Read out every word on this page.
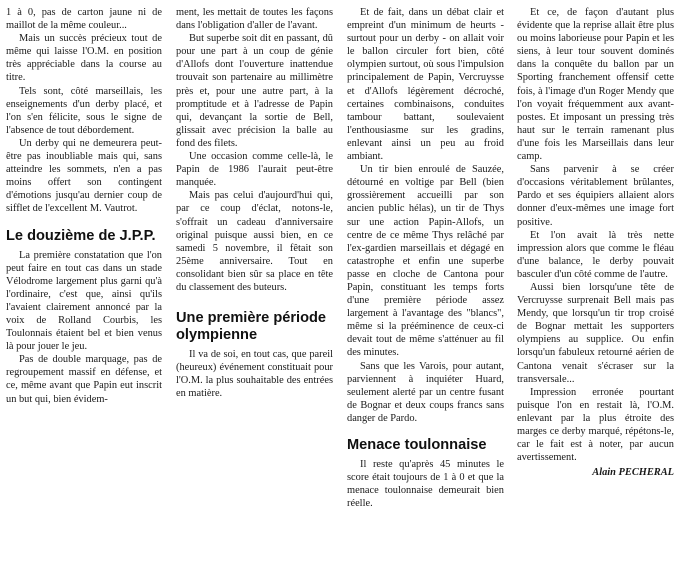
1 à 0, pas de carton jaune ni de maillot de la même couleur...

Mais un succès précieux tout de même qui laisse l'O.M. en position très appréciable dans la course au titre.

Tels sont, côté marseillais, les enseignements d'un derby placé, et l'on s'en félicite, sous le signe de l'absence de tout débordement.

Un derby qui ne demeurera peut-être pas inoubliable mais qui, sans atteindre les sommets, n'en a pas moins offert son contingent d'émotions jusqu'au dernier coup de sifflet de l'excellent M. Vautrot.

Le douzième de J.P.P.

La première constatation que l'on peut faire en tout cas dans un stade Vélodrome largement plus garni qu'à l'ordinaire, c'est que, ainsi qu'ils l'avaient clairement annoncé par la voix de Rolland Courbis, les Toulonnais étaient bel et bien venus là pour jouer le jeu.

Pas de double marquage, pas de regroupement massif en défense, et ce, même avant que Papin eut inscrit un but qui, bien évidem-

ment, les mettait de toutes les façons dans l'obligation d'aller de l'avant.

But superbe soit dit en passant, dû pour une part à un coup de génie d'Allofs dont l'ouverture inattendue trouvait son partenaire au millimètre près et, pour une autre part, à la promptitude et à l'adresse de Papin qui, devançant la sortie de Bell, glissait avec précision la balle au fond des filets.

Une occasion comme celle-là, le Papin de 1986 l'aurait peut-être manquée.

Mais pas celui d'aujourd'hui qui, par ce coup d'éclat, notons-le, s'offrait un cadeau d'anniversaire original puisque aussi bien, en ce samedi 5 novembre, il fêtait son 25ème anniversaire. Tout en consolidant bien sûr sa place en tête du classement des buteurs.

Une première période olympienne

Il va de soi, en tout cas, que pareil (heureux) événement constituait pour l'O.M. la plus souhaitable des entrées en matière.

Et de fait, dans un débat clair et empreint d'un minimum de heurts - surtout pour un derby - on allait voir le ballon circuler fort bien, côté olympien surtout, où sous l'impulsion principalement de Papin, Vercruysse et d'Allofs légèrement décroché, certaines combinaisons, conduites tambour battant, soulevaient l'enthousiasme sur les gradins, enlevant ainsi un peu au froid ambiant.

Un tir bien enroulé de Sauzée, détourné en voltige par Bell (bien grossièrement accueilli par son ancien public hélas), un tir de Thys sur une action Papin-Allofs, un centre de ce même Thys relâché par l'ex-gardien marseillais et dégagé en catastrophe et enfin une superbe passe en cloche de Cantona pour Papin, constituant les temps forts d'une première période assez largement à l'avantage des "blancs", même si la prééminence de ceux-ci devait tout de même s'atténuer au fil des minutes.

Sans que les Varois, pour autant, parviennent à inquiéter Huard, seulement alerté par un centre fusant de Bognar et deux coups francs sans danger de Pardo.

Menace toulonnaise

Il reste qu'après 45 minutes le score était toujours de 1 à 0 et que la menace toulonnaise demeurait bien réelle.

Et ce, de façon d'autant plus évidente que la reprise allait être plus ou moins laborieuse pour Papin et les siens, à leur tour souvent dominés dans la conquête du ballon par un Sporting franchement offensif cette fois, à l'image d'un Roger Mendy que l'on voyait fréquemment aux avant-postes. Et imposant un pressing très haut sur le terrain ramenant plus d'une fois les Marseillais dans leur camp.

Sans parvenir à se créer d'occasions véritablement brûlantes, Pardo et ses équipiers allaient alors donner d'eux-mêmes une image fort positive.

Et l'on avait là très nette impression alors que comme le fléau d'une balance, le derby pouvait basculer d'un côté comme de l'autre.

Aussi bien lorsqu'une tête de Vercruysse surprenait Bell mais pas Mendy, que lorsqu'un tir trop croisé de Bognar mettait les supporters olympiens au supplice. Ou enfin lorsqu'un fabuleux retourné aérien de Cantona venait s'écraser sur la transversale...

Impression erronée pourtant puisque l'on en restait là, l'O.M. enlevant par la plus étroite des marges ce derby marqué, répétons-le, car le fait est à noter, par aucun avertissement.

Alain PECHERAL
